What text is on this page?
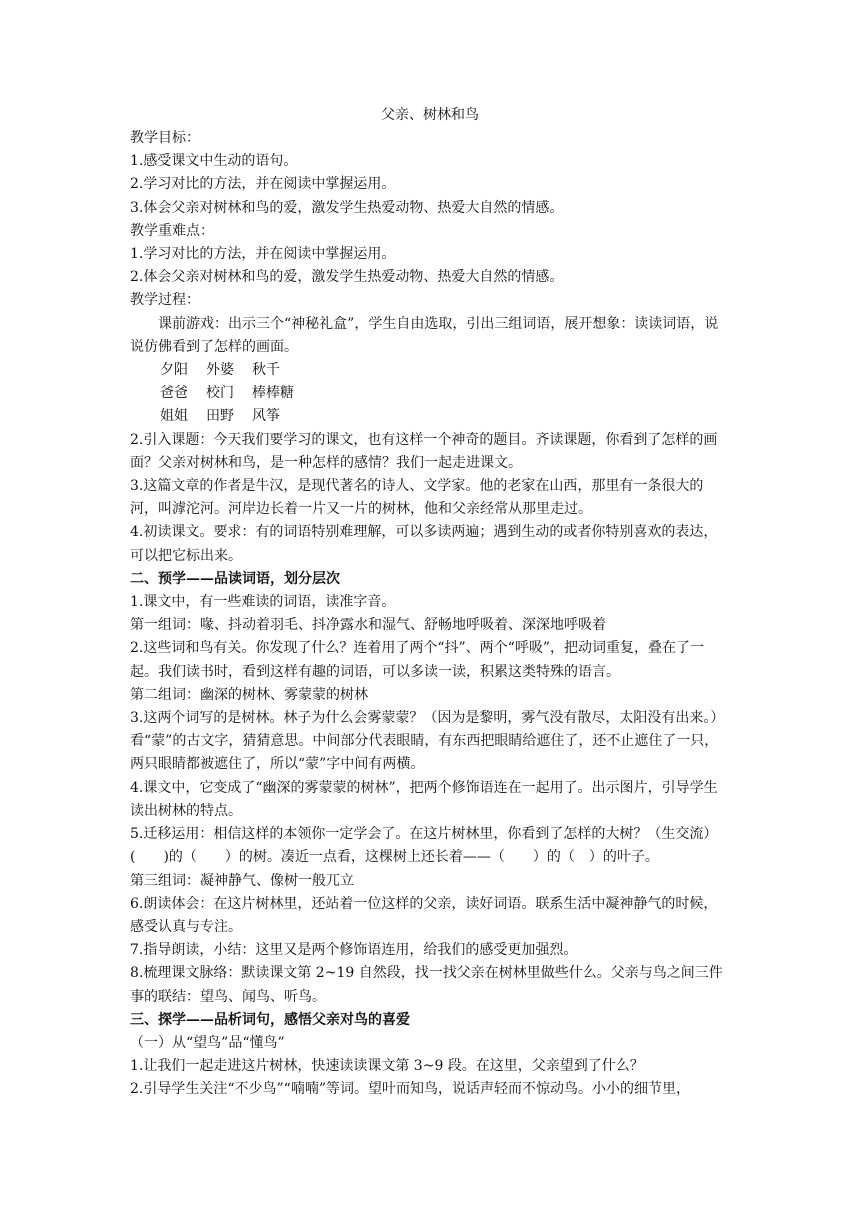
父亲、树林和鸟

教学目标：

1.感受课文中生动的语句。

2.学习对比的方法，并在阅读中掌握运用。

3.体会父亲对树林和鸟的爱，激发学生热爱动物、热爱大自然的情感。

教学重难点：

1.学习对比的方法，并在阅读中掌握运用。

2.体会父亲对树林和鸟的爱，激发学生热爱动物、热爱大自然的情感。

教学过程：

课前游戏：出示三个“神秘礼盒”，学生自由选取，引出三组词语，展开想象：读读词语，说说仿佛看到了怎样的画面。

夕阳 外婆 秋千

爸爸 校门 棒棒糖

姐姐 田野 风筝

2.引入课题：今天我们要学习的课文，也有这样一个神奇的题目。齐读课题，你看到了怎样的画面？父亲对树林和鸟，是一种怎样的感情？我们一起走进课文。

3.这篇文章的作者是牛汉，是现代著名的诗人、文学家。他的老家在山西，那里有一条很大的河，叫滹沱河。河岸边长着一片又一片的树林，他和父亲经常从那里走过。

4.初读课文。要求：有的词语特别难理解，可以多读两遍；遇到生动的或者你特别喜欢的表达，可以把它标出来。

二、预学——品读词语，划分层次

1.课文中，有一些难读的词语，读准字音。

第一组词：喙、抖动着羽毛、抖净露水和湿气、舒畅地呼吸着、深深地呼吸着

2.这些词和鸟有关。你发现了什么？连着用了两个“抖”、两个“呼吸”，把动词重复，叠在了一起。我们读书时，看到这样有趣的词语，可以多读一读，积累这类特殊的语言。

第二组词：幽深的树林、雾蒙蒙的树林

3.这两个词写的是树林。林子为什么会雾蒙蒙？（因为是黎明，雾气没有散尽，太阳没有出来。）看“蒙”的古文字，猜猜意思。中间部分代表眼睛，有东西把眼睛给遮住了，还不止遮住了一只，两只眼睛都被遮住了，所以“蒙”字中间有两横。

4.课文中，它变成了“幽深的雾蒙蒙的树林”，把两个修饰语连在一起用了。出示图片，引导学生读出树林的特点。

5.迁移运用：相信这样的本领你一定学会了。在这片树林里，你看到了怎样的大树？（生交流）

(　　)的（　　）的树。凑近一点看，这棵树上还长着——（　　）的（　）的叶子。

第三组词：凝神静气、像树一般兀立

6.朗读体会：在这片树林里，还站着一位这样的父亲，读好词语。联系生活中凝神静气的时候，感受认真与专注。

7.指导朗读，小结：这里又是两个修饰语连用，给我们的感受更加强烈。

8.梳理课文脉络：默读课文第 2~19 自然段，找一找父亲在树林里做些什么。父亲与鸟之间三件事的联结：望鸟、闻鸟、听鸟。

三、探学——品析词句，感悟父亲对鸟的喜爱

（一）从“望鸟”品“懂鸟”

1.让我们一起走进这片树林，快速读读课文第 3~9 段。在这里，父亲望到了什么？

2.引导学生关注“不少鸟”“喃喃”等词。望叶而知鸟，说话声轻而不惊动鸟。小小的细节里，
